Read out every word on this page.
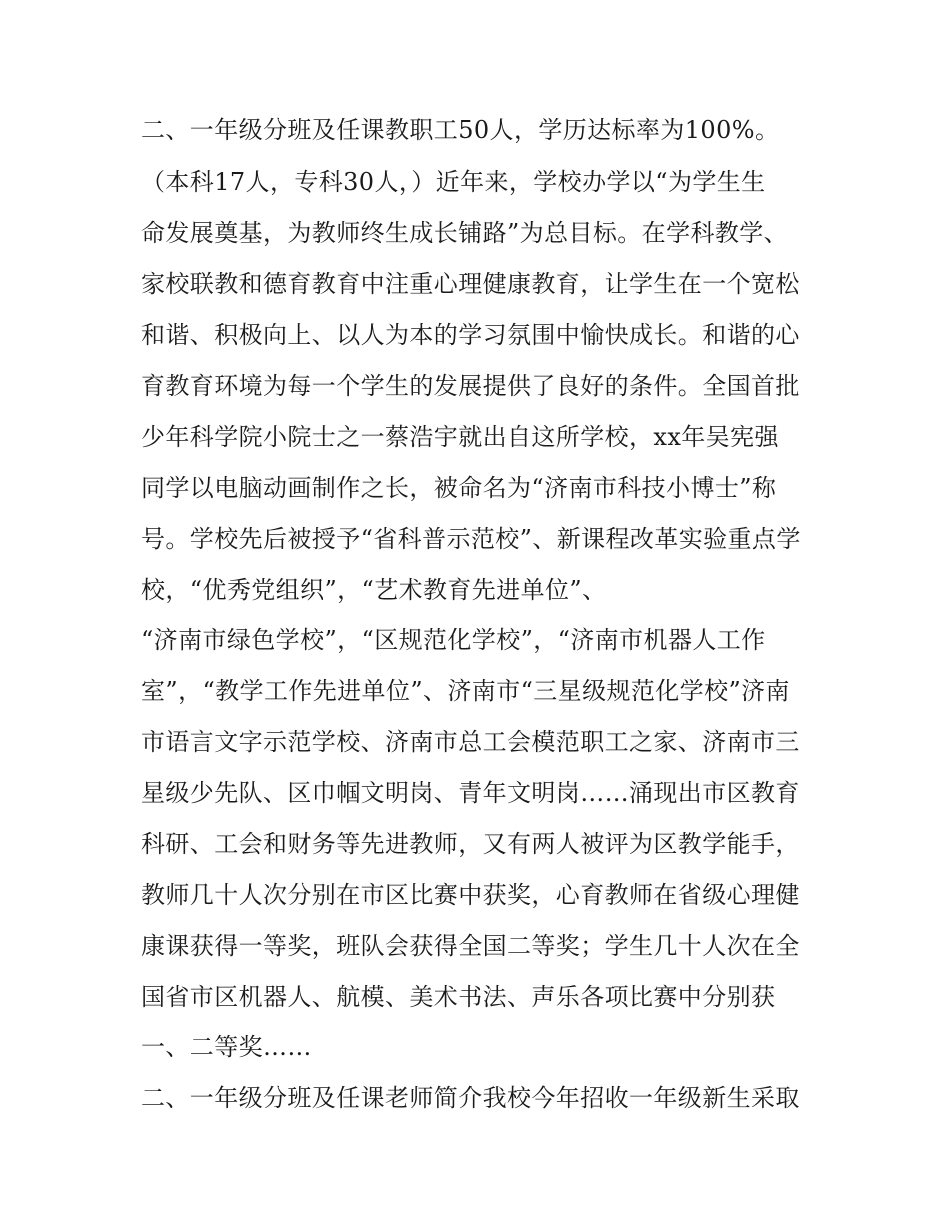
二、一年级分班及任课教职工50人，学历达标率为100%。
（本科17人，专科30人，）近年来，学校办学以“为学生生
命发展奠基，为教师终生成长铺路”为总目标。在学科教学、
家校联教和德育教育中注重心理健康教育，让学生在一个宽松
和谐、积极向上、以人为本的学习氛围中愉快成长。和谐的心
育教育环境为每一个学生的发展提供了良好的条件。全国首批
少年科学院小院士之一蔡浩宇就出自这所学校，xx年吴宪强
同学以电脑动画制作之长，被命名为“济南市科技小博士”称
号。学校先后被授予“省科普示范校”、新课程改革实验重点学
校，“优秀党组织”，“艺术教育先进单位”、
“济南市绿色学校”，“区规范化学校”，“济南市机器人工作
室”，“教学工作先进单位”、济南市“三星级规范化学校”济南
市语言文字示范学校、济南市总工会模范职工之家、济南市三
星级少先队、区巾帼文明岗、青年文明岗……涌现出市区教育
科研、工会和财务等先进教师，又有两人被评为区教学能手，
教师几十人次分别在市区比赛中获奖，心育教师在省级心理健
康课获得一等奖，班队会获得全国二等奖；学生几十人次在全
国省市区机器人、航模、美术书法、声乐各项比赛中分别获
一、二等奖……
二、一年级分班及任课老师简介我校今年招收一年级新生采取
